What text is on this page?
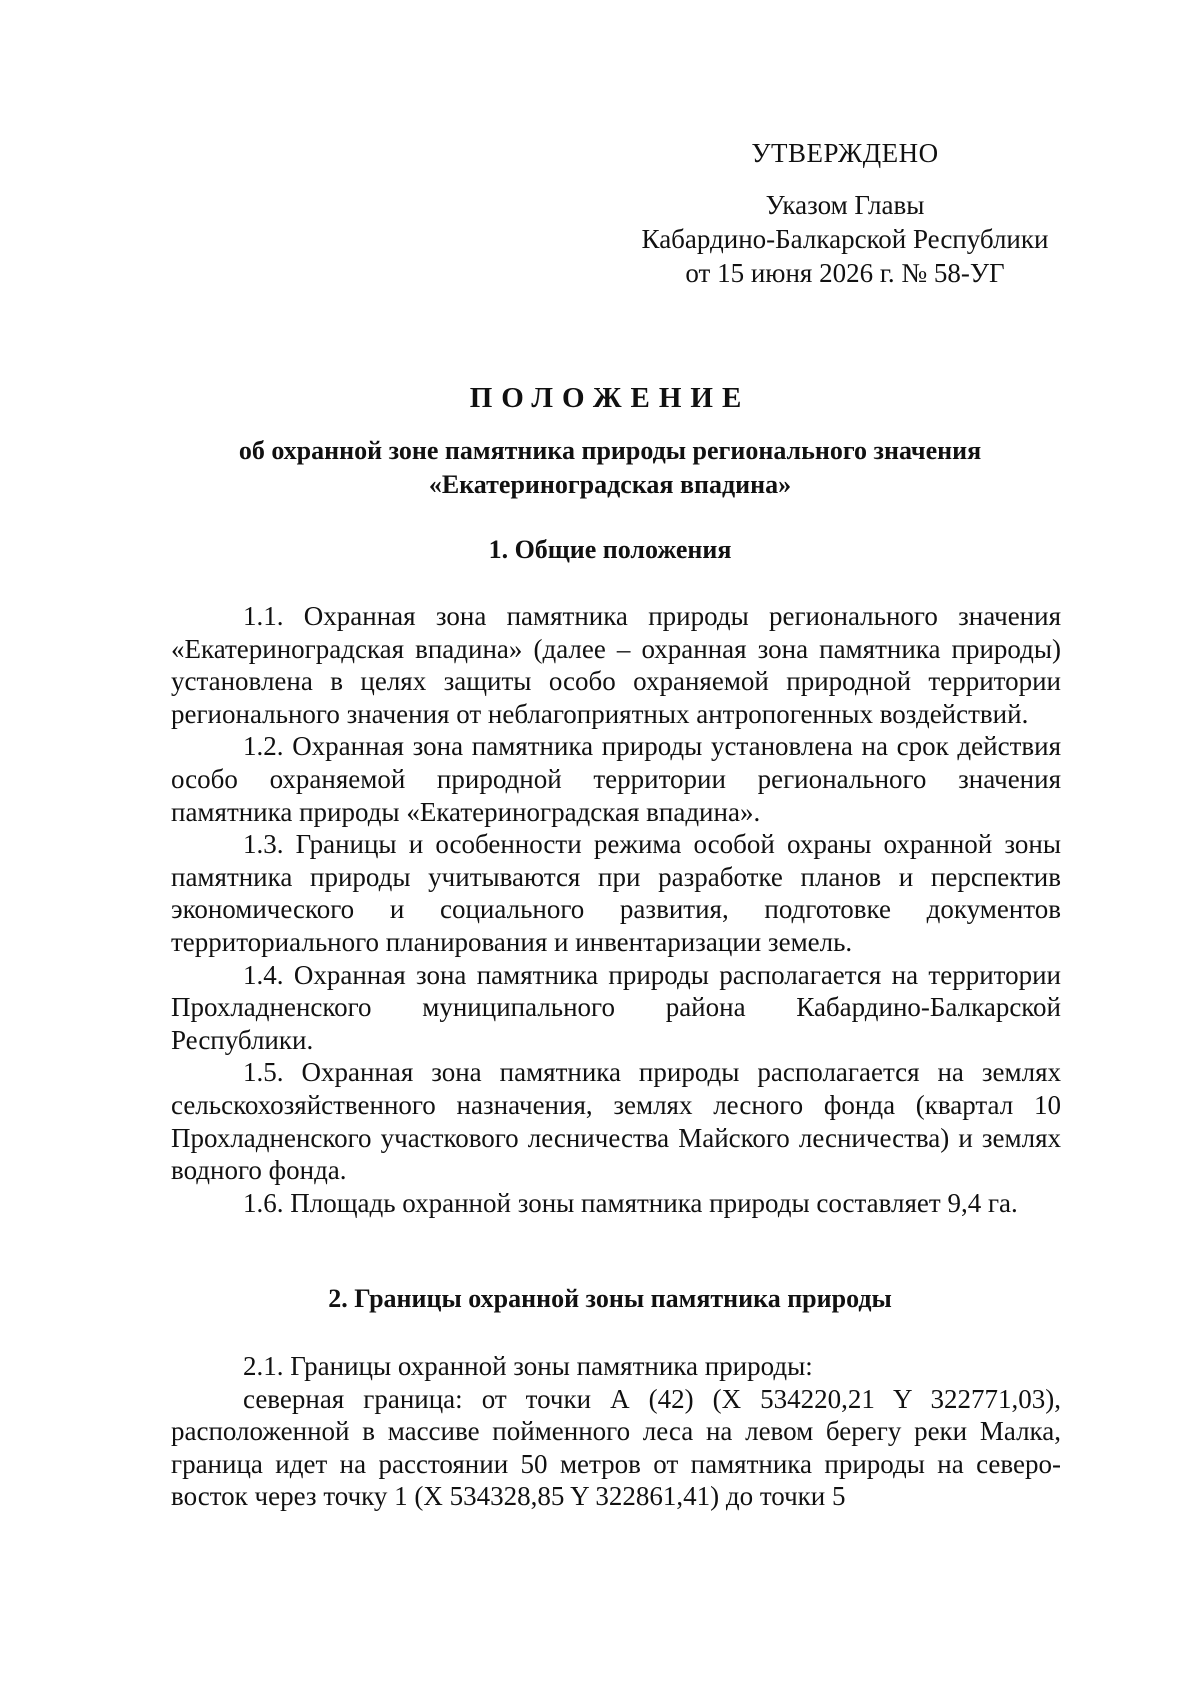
УТВЕРЖДЕНО
Указом Главы
Кабардино-Балкарской Республики
от 15 июня 2026 г. № 58-УГ
ПОЛОЖЕНИЕ
об охранной зоне памятника природы регионального значения
«Екатериноградская впадина»
1. Общие положения

1.1. Охранная зона памятника природы регионального значения «Екатериноградская впадина» (далее – охранная зона памятника природы) установлена в целях защиты особо охраняемой природной территории регионального значения от неблагоприятных антропогенных воздействий.

1.2. Охранная зона памятника природы установлена на срок действия особо охраняемой природной территории регионального значения памятника природы «Екатериноградская впадина».

1.3. Границы и особенности режима особой охраны охранной зоны памятника природы учитываются при разработке планов и перспектив экономического и социального развития, подготовке документов территориального планирования и инвентаризации земель.

1.4. Охранная зона памятника природы располагается на территории Прохладненского муниципального района Кабардино-Балкарской Республики.

1.5. Охранная зона памятника природы располагается на землях сельскохозяйственного назначения, землях лесного фонда (квартал 10 Прохладненского участкового лесничества Майского лесничества) и землях водного фонда.

1.6. Площадь охранной зоны памятника природы составляет 9,4 га.

2. Границы охранной зоны памятника природы

2.1. Границы охранной зоны памятника природы:

северная граница: от точки А (42) (X 534220,21 Y 322771,03), расположенной в массиве пойменного леса на левом берегу реки Малка, граница идет на расстоянии 50 метров от памятника природы на северо-восток через точку 1 (X 534328,85 Y 322861,41) до точки 5
